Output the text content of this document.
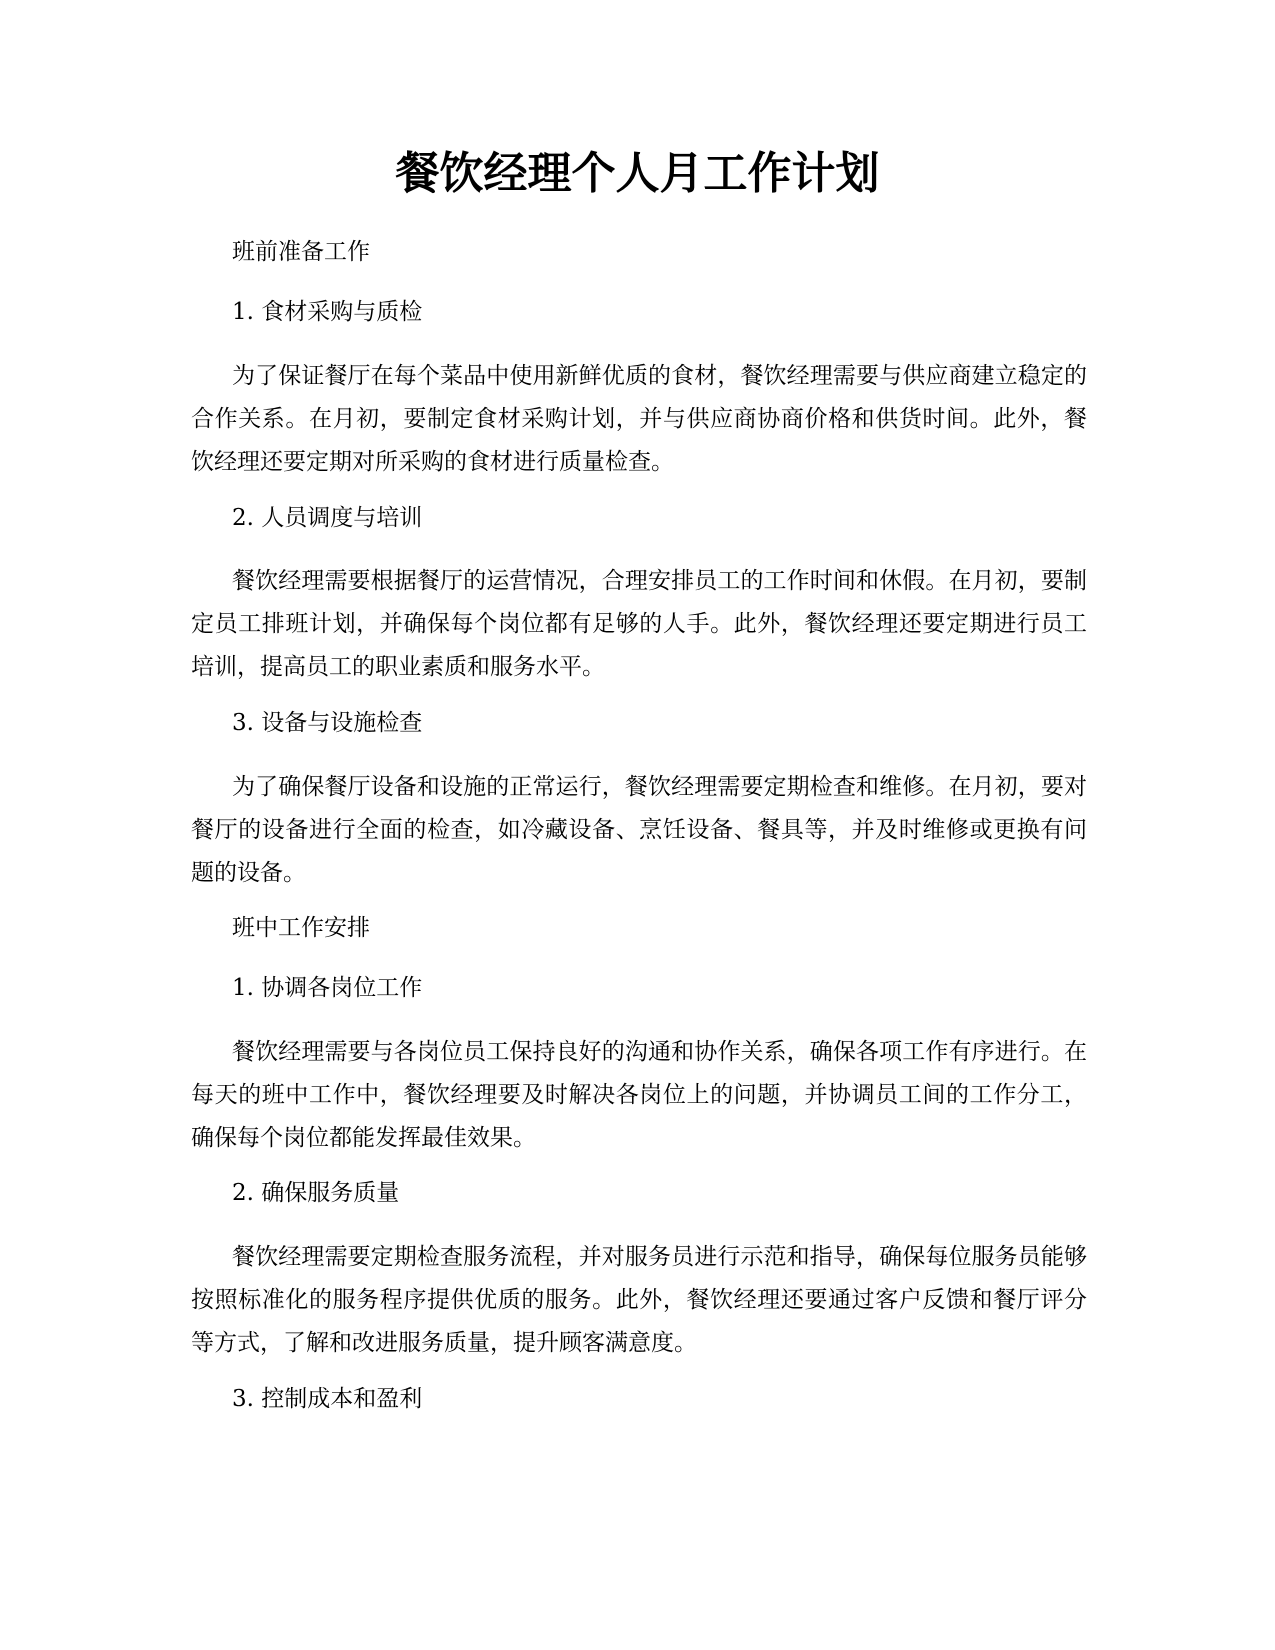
餐饮经理个人月工作计划

班前准备工作

1. 食材采购与质检

为了保证餐厅在每个菜品中使用新鲜优质的食材，餐饮经理需要与供应商建立稳定的合作关系。在月初，要制定食材采购计划，并与供应商协商价格和供货时间。此外，餐饮经理还要定期对所采购的食材进行质量检查。

2. 人员调度与培训

餐饮经理需要根据餐厅的运营情况，合理安排员工的工作时间和休假。在月初，要制定员工排班计划，并确保每个岗位都有足够的人手。此外，餐饮经理还要定期进行员工培训，提高员工的职业素质和服务水平。

3. 设备与设施检查

为了确保餐厅设备和设施的正常运行，餐饮经理需要定期检查和维修。在月初，要对餐厅的设备进行全面的检查，如冷藏设备、烹饪设备、餐具等，并及时维修或更换有问题的设备。

班中工作安排

1. 协调各岗位工作

餐饮经理需要与各岗位员工保持良好的沟通和协作关系，确保各项工作有序进行。在每天的班中工作中，餐饮经理要及时解决各岗位上的问题，并协调员工间的工作分工，确保每个岗位都能发挥最佳效果。

2. 确保服务质量

餐饮经理需要定期检查服务流程，并对服务员进行示范和指导，确保每位服务员能够按照标准化的服务程序提供优质的服务。此外，餐饮经理还要通过客户反馈和餐厅评分等方式，了解和改进服务质量，提升顾客满意度。

3. 控制成本和盈利
